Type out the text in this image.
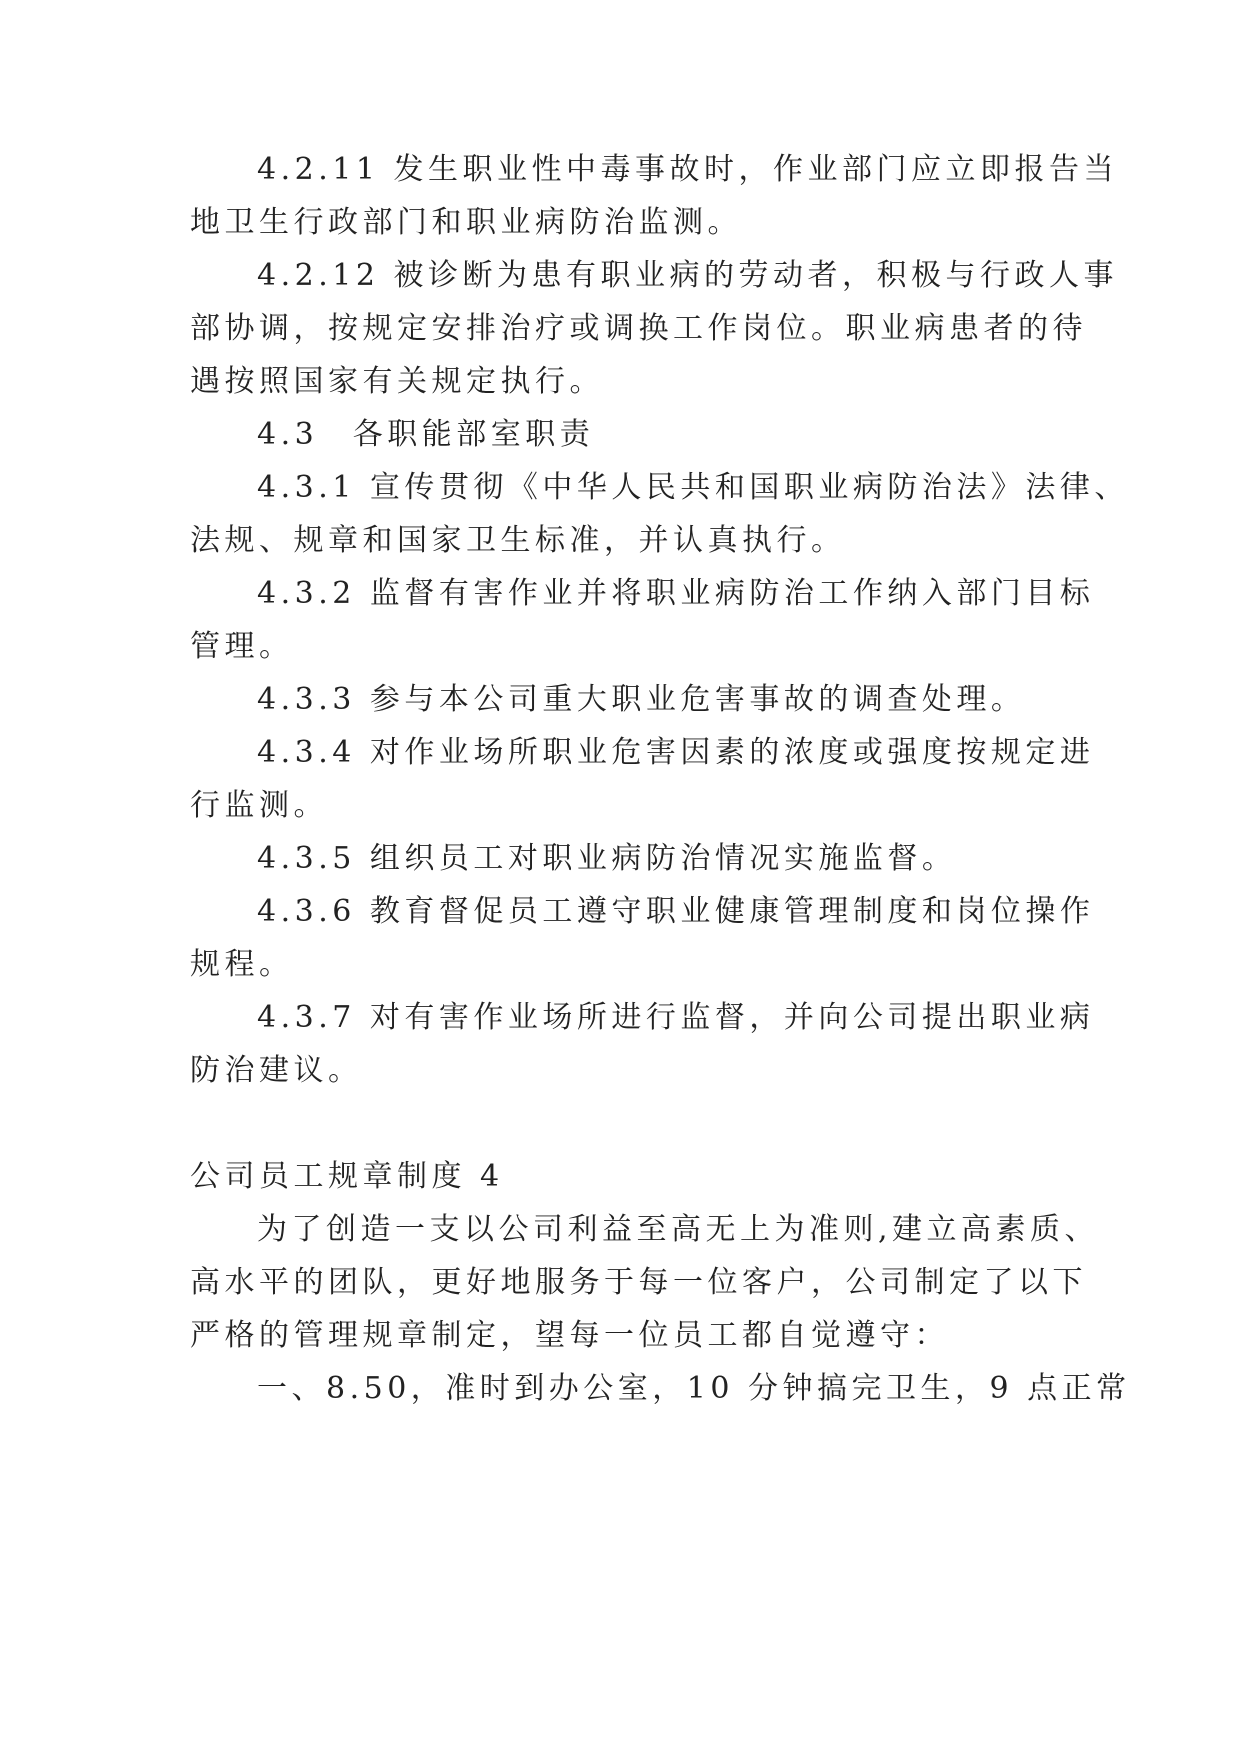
4.2.11 发生职业性中毒事故时，作业部门应立即报告当
地卫生行政部门和职业病防治监测。
4.2.12 被诊断为患有职业病的劳动者，积极与行政人事
部协调，按规定安排治疗或调换工作岗位。职业病患者的待
遇按照国家有关规定执行。
4.3　各职能部室职责
4.3.1 宣传贯彻《中华人民共和国职业病防治法》法律、
法规、规章和国家卫生标准，并认真执行。
4.3.2 监督有害作业并将职业病防治工作纳入部门目标
管理。
4.3.3 参与本公司重大职业危害事故的调查处理。
4.3.4 对作业场所职业危害因素的浓度或强度按规定进
行监测。
4.3.5 组织员工对职业病防治情况实施监督。
4.3.6 教育督促员工遵守职业健康管理制度和岗位操作
规程。
4.3.7 对有害作业场所进行监督，并向公司提出职业病
防治建议。
公司员工规章制度 4
为了创造一支以公司利益至高无上为准则,建立高素质、
高水平的团队，更好地服务于每一位客户，公司制定了以下
严格的管理规章制定，望每一位员工都自觉遵守：
一、8.50，准时到办公室，10 分钟搞完卫生，9 点正常
